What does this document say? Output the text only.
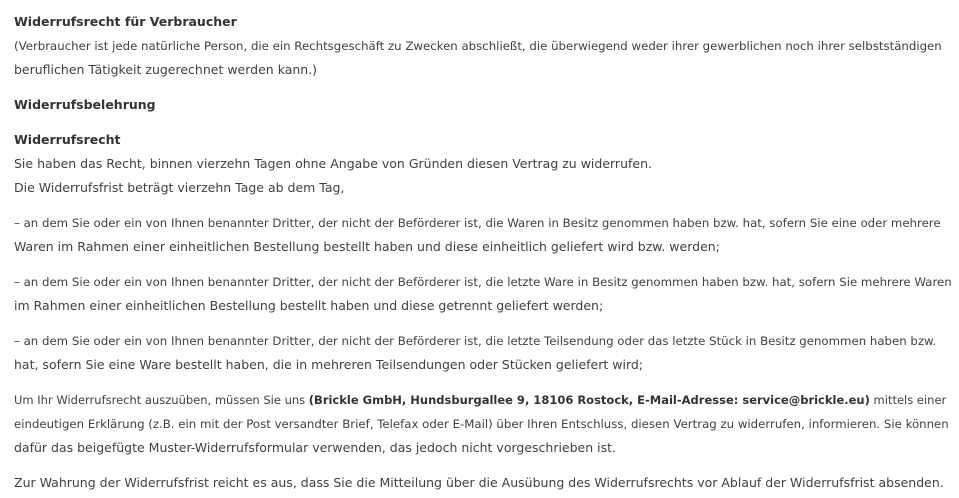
Widerrufsrecht für Verbraucher

(Verbraucher ist jede natürliche Person, die ein Rechtsgeschäft zu Zwecken abschließt, die überwiegend weder ihrer gewerblichen noch ihrer selbstständigen

beruflichen Tätigkeit zugerechnet werden kann.)

Widerrufsbelehrung

Widerrufsrecht

Sie haben das Recht, binnen vierzehn Tagen ohne Angabe von Gründen diesen Vertrag zu widerrufen.

Die Widerrufsfrist beträgt vierzehn Tage ab dem Tag,

– an dem Sie oder ein von Ihnen benannter Dritter, der nicht der Beförderer ist, die Waren in Besitz genommen haben bzw. hat, sofern Sie eine oder mehrere

Waren im Rahmen einer einheitlichen Bestellung bestellt haben und diese einheitlich geliefert wird bzw. werden;

– an dem Sie oder ein von Ihnen benannter Dritter, der nicht der Beförderer ist, die letzte Ware in Besitz genommen haben bzw. hat, sofern Sie mehrere Waren

im Rahmen einer einheitlichen Bestellung bestellt haben und diese getrennt geliefert werden;

– an dem Sie oder ein von Ihnen benannter Dritter, der nicht der Beförderer ist, die letzte Teilsendung oder das letzte Stück in Besitz genommen haben bzw.

hat, sofern Sie eine Ware bestellt haben, die in mehreren Teilsendungen oder Stücken geliefert wird;

Um Ihr Widerrufsrecht auszuüben, müssen Sie uns (Brickle GmbH, Hundsburgallee 9, 18106 Rostock, E-Mail-Adresse: service@brickle.eu) mittels einer

eindeutigen Erklärung (z.B. ein mit der Post versandter Brief, Telefax oder E-Mail) über Ihren Entschluss, diesen Vertrag zu widerrufen, informieren. Sie können

dafür das beigefügte Muster-Widerrufsformular verwenden, das jedoch nicht vorgeschrieben ist.

Zur Wahrung der Widerrufsfrist reicht es aus, dass Sie die Mitteilung über die Ausübung des Widerrufsrechts vor Ablauf der Widerrufsfrist absenden.
